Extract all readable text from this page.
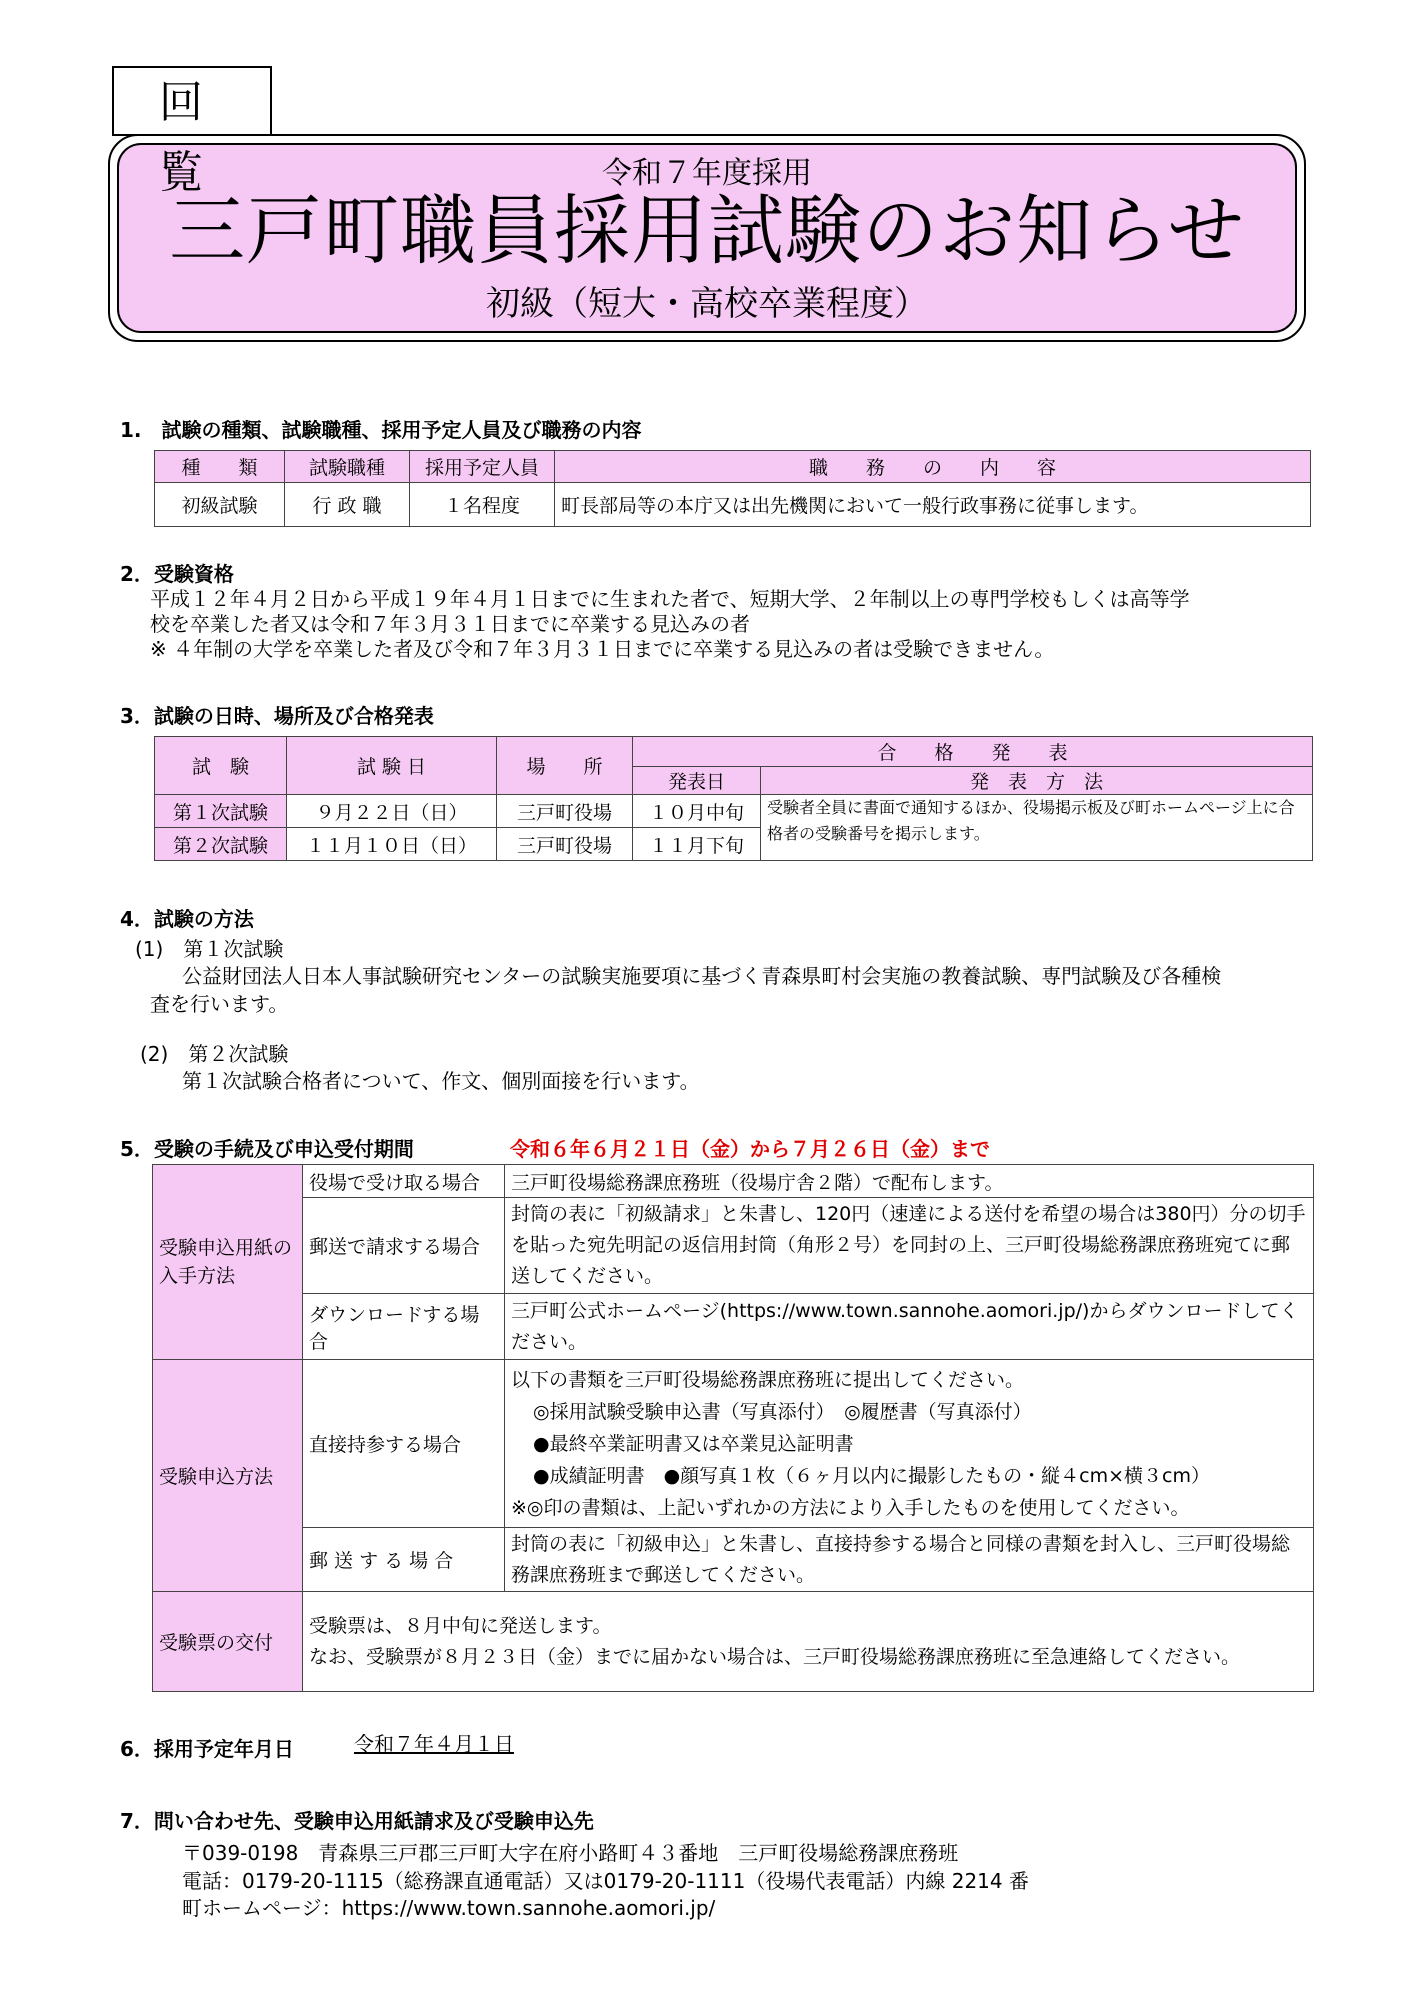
回 覧	令和７年度採用
三戸町職員採用試験のお知らせ
初級（短大・高校卒業程度）
1.　試験の種類、試験職種、採用予定人員及び職務の内容
種　　類	試験職種	採用予定人員	職　　務　　の　　内　　容
初級試験	行 政 職	１名程度	町長部局等の本庁又は出先機関において一般行政事務に従事します。
2．受験資格
平成１２年４月２日から平成１９年４月１日までに生まれた者で、短期大学、２年制以上の専門学校もしくは高等学
校を卒業した者又は令和７年３月３１日までに卒業する見込みの者
※ ４年制の大学を卒業した者及び令和７年３月３１日までに卒業する見込みの者は受験できません。
3．試験の日時、場所及び合格発表
試　験	試 験 日	場　　所	合　　格　　発　　表	
			発表日	発　表　方　法
第１次試験	９月２２日（日）	三戸町役場	１０月中旬	受験者全員に書面で通知するほか、役場掲示板及び町ホームページ上に合格者の受験番号を掲示します。
第２次試験	１１月１０日（日）	三戸町役場	１１月下旬	
4．試験の方法
(1)　第１次試験
公益財団法人日本人事試験研究センターの試験実施要項に基づく青森県町村会実施の教養試験、専門試験及び各種検
査を行います。
(2)　第２次試験
第１次試験合格者について、作文、個別面接を行います。
5．受験の手続及び申込受付期間	令和６年６月２１日（金）から７月２６日（金）まで
受験申込用紙の入手方法	役場で受け取る場合	三戸町役場総務課庶務班（役場庁舎２階）で配布します。
	郵送で請求する場合	封筒の表に「初級請求」と朱書し、120円（速達による送付を希望の場合は380円）分の切手を貼った宛先明記の返信用封筒（角形２号）を同封の上、三戸町役場総務課庶務班宛てに郵送してください。
	ダウンロードする場合	三戸町公式ホームページ(https://www.town.sannohe.aomori.jp/)からダウンロードしてください。
受験申込方法	直接持参する場合	以下の書類を三戸町役場総務課庶務班に提出してください。
◎採用試験受験申込書（写真添付）　◎履歴書（写真添付）
●最終卒業証明書又は卒業見込証明書
●成績証明書　●顔写真１枚（６ヶ月以内に撮影したもの・縦４cm×横３cm）
※◎印の書類は、上記いずれかの方法により入手したものを使用してください。

	郵 送 す る 場 合	封筒の表に「初級申込」と朱書し、直接持参する場合と同様の書類を封入し、三戸町役場総務課庶務班まで郵送してください。
受験票の交付	受験票は、８月中旬に発送します。
なお、受験票が８月２３日（金）までに届かない場合は、三戸町役場総務課庶務班に至急連絡してください。	
6．採用予定年月日	令和７年４月１日
7．問い合わせ先、受験申込用紙請求及び受験申込先
〒039-0198　青森県三戸郡三戸町大字在府小路町４３番地　三戸町役場総務課庶務班
電話：0179-20-1115（総務課直通電話）又は0179-20-1111（役場代表電話）内線 2214 番
町ホームページ：https://www.town.sannohe.aomori.jp/
